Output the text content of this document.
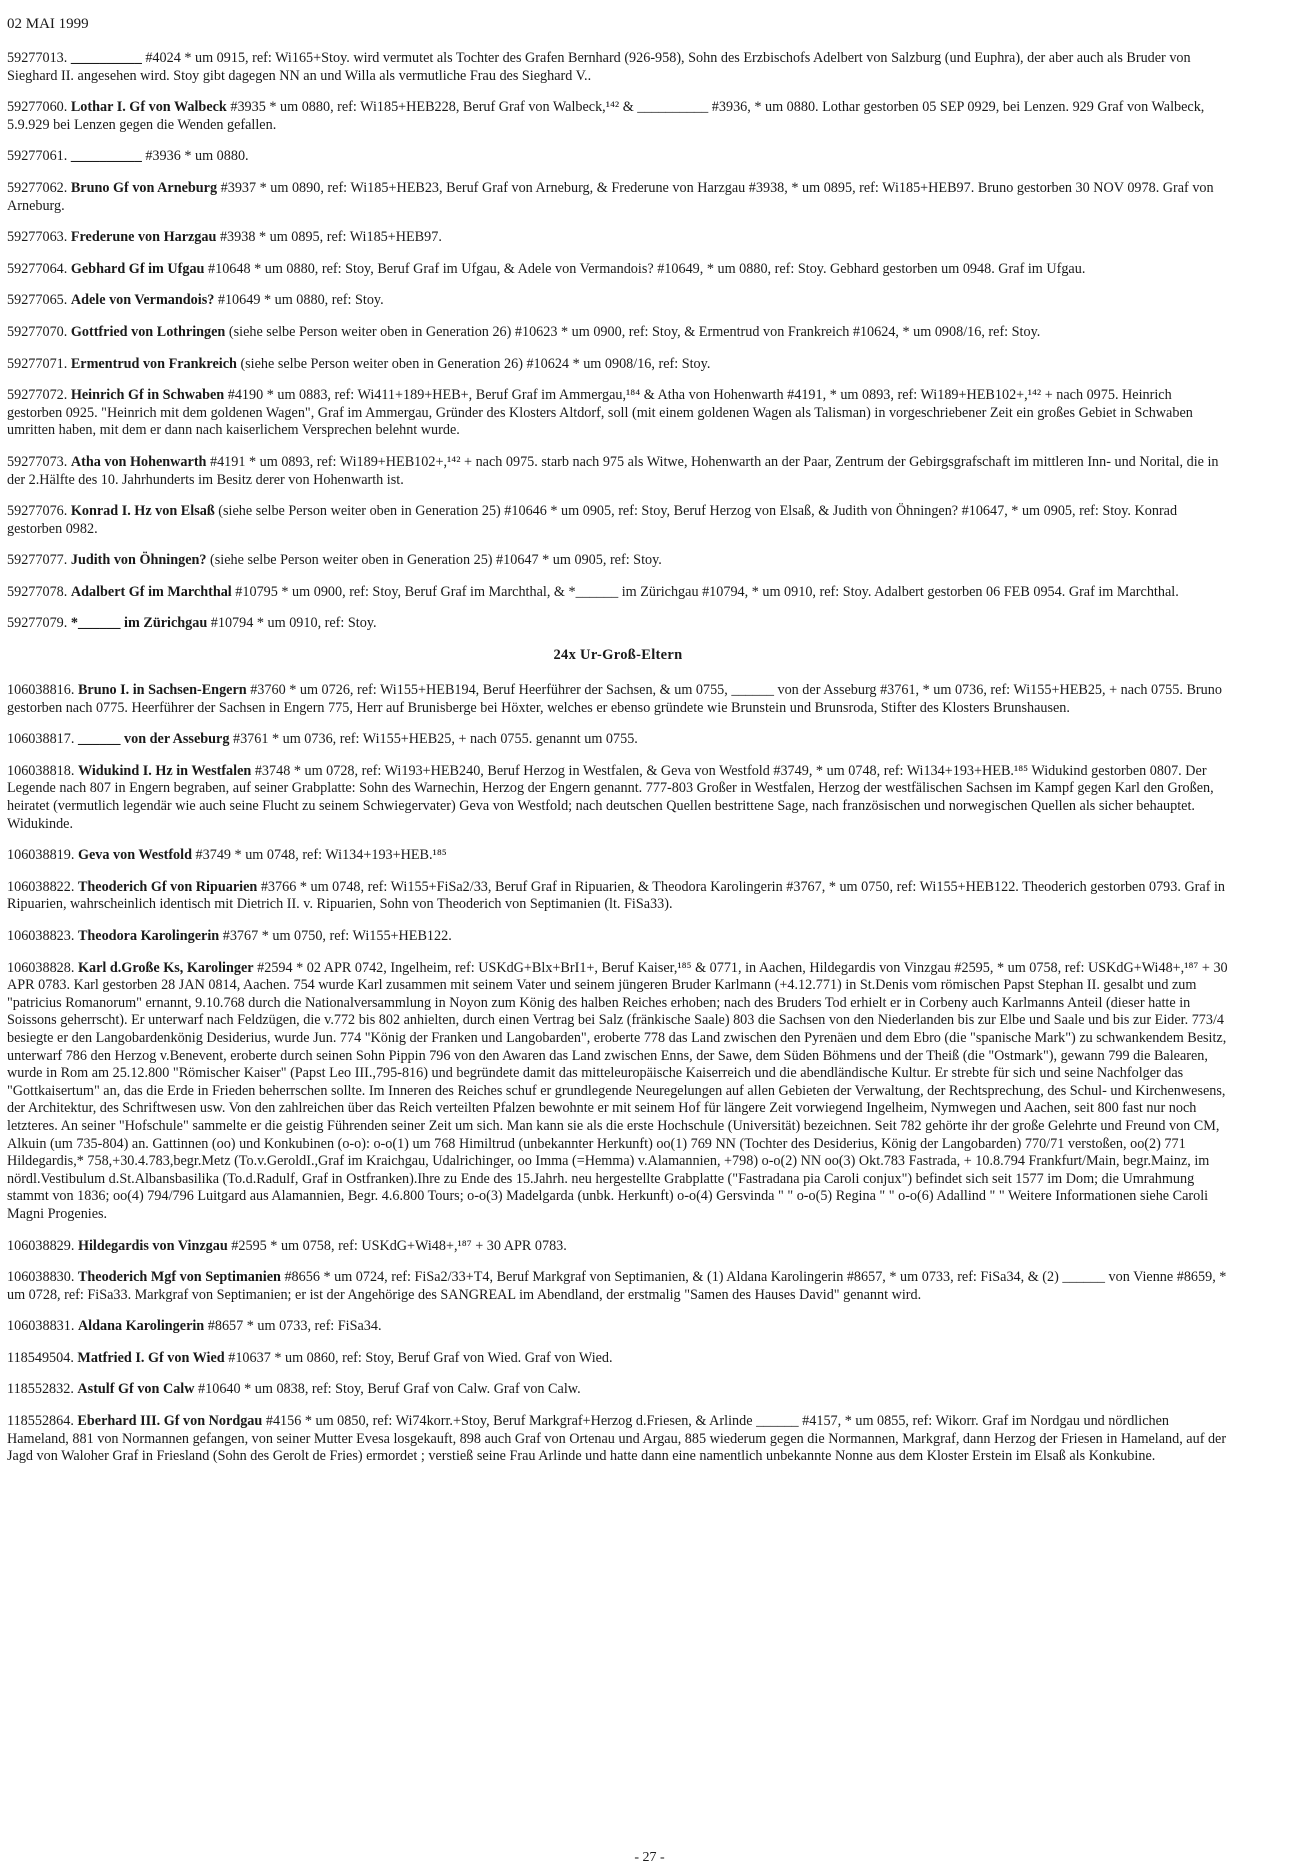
02 MAI 1999
59277013. __________ #4024 * um 0915, ref: Wi165+Stoy. wird vermutet als Tochter des Grafen Bernhard (926-958), Sohn des Erzbischofs Adelbert von Salzburg (und Euphra), der aber auch als Bruder von Sieghard II. angesehen wird. Stoy gibt dagegen NN an und Willa als vermutliche Frau des Sieghard V..
59277060. Lothar I. Gf von Walbeck #3935 * um 0880, ref: Wi185+HEB228, Beruf Graf von Walbeck,¹⁴² & __________ #3936, * um 0880. Lothar gestorben 05 SEP 0929, bei Lenzen. 929 Graf von Walbeck, 5.9.929 bei Lenzen gegen die Wenden gefallen.
59277061. __________ #3936 * um 0880.
59277062. Bruno Gf von Arneburg #3937 * um 0890, ref: Wi185+HEB23, Beruf Graf von Arneburg, & Frederune von Harzgau #3938, * um 0895, ref: Wi185+HEB97. Bruno gestorben 30 NOV 0978. Graf von Arneburg.
59277063. Frederune von Harzgau #3938 * um 0895, ref: Wi185+HEB97.
59277064. Gebhard Gf im Ufgau #10648 * um 0880, ref: Stoy, Beruf Graf im Ufgau, & Adele von Vermandois? #10649, * um 0880, ref: Stoy. Gebhard gestorben um 0948. Graf im Ufgau.
59277065. Adele von Vermandois? #10649 * um 0880, ref: Stoy.
59277070. Gottfried von Lothringen (siehe selbe Person weiter oben in Generation 26) #10623 * um 0900, ref: Stoy, & Ermentrud von Frankreich #10624, * um 0908/16, ref: Stoy.
59277071. Ermentrud von Frankreich (siehe selbe Person weiter oben in Generation 26) #10624 * um 0908/16, ref: Stoy.
59277072. Heinrich Gf in Schwaben #4190 * um 0883, ref: Wi411+189+HEB+, Beruf Graf im Ammergau,¹⁸⁴ & Atha von Hohenwarth #4191, * um 0893, ref: Wi189+HEB102+,¹⁴² + nach 0975. Heinrich gestorben 0925. "Heinrich mit dem goldenen Wagen", Graf im Ammergau, Gründer des Klosters Altdorf, soll (mit einem goldenen Wagen als Talisman) in vorgeschriebener Zeit ein großes Gebiet in Schwaben umritten haben, mit dem er dann nach kaiserlichem Versprechen belehnt wurde.
59277073. Atha von Hohenwarth #4191 * um 0893, ref: Wi189+HEB102+,¹⁴² + nach 0975. starb nach 975 als Witwe, Hohenwarth an der Paar, Zentrum der Gebirgsgrafschaft im mittleren Inn- und Norital, die in der 2.Hälfte des 10. Jahrhunderts im Besitz derer von Hohenwarth ist.
59277076. Konrad I. Hz von Elsaß (siehe selbe Person weiter oben in Generation 25) #10646 * um 0905, ref: Stoy, Beruf Herzog von Elsaß, & Judith von Öhningen? #10647, * um 0905, ref: Stoy. Konrad gestorben 0982.
59277077. Judith von Öhningen? (siehe selbe Person weiter oben in Generation 25) #10647 * um 0905, ref: Stoy.
59277078. Adalbert Gf im Marchthal #10795 * um 0900, ref: Stoy, Beruf Graf im Marchthal, & *______ im Zürichgau #10794, * um 0910, ref: Stoy. Adalbert gestorben 06 FEB 0954. Graf im Marchthal.
59277079. *______ im Zürichgau #10794 * um 0910, ref: Stoy.
24x Ur-Groß-Eltern
106038816. Bruno I. in Sachsen-Engern #3760 * um 0726, ref: Wi155+HEB194, Beruf Heerführer der Sachsen, & um 0755, ______ von der Asseburg #3761, * um 0736, ref: Wi155+HEB25, + nach 0755. Bruno gestorben nach 0775. Heerführer der Sachsen in Engern 775, Herr auf Brunisberge bei Höxter, welches er ebenso gründete wie Brunstein und Brunsroda, Stifter des Klosters Brunshausen.
106038817. ______ von der Asseburg #3761 * um 0736, ref: Wi155+HEB25, + nach 0755. genannt um 0755.
106038818. Widukind I. Hz in Westfalen #3748 * um 0728, ref: Wi193+HEB240, Beruf Herzog in Westfalen, & Geva von Westfold #3749, * um 0748, ref: Wi134+193+HEB.¹⁸⁵ Widukind gestorben 0807. Der Legende nach 807 in Engern begraben, auf seiner Grabplatte: Sohn des Warnechin, Herzog der Engern genannt. 777-803 Großer in Westfalen, Herzog der westfälischen Sachsen im Kampf gegen Karl den Großen, heiratet (vermutlich legendär wie auch seine Flucht zu seinem Schwiegervater) Geva von Westfold; nach deutschen Quellen bestrittene Sage, nach französischen und norwegischen Quellen als sicher behauptet. Widukinde.
106038819. Geva von Westfold #3749 * um 0748, ref: Wi134+193+HEB.¹⁸⁵
106038822. Theoderich Gf von Ripuarien #3766 * um 0748, ref: Wi155+FiSa2/33, Beruf Graf in Ripuarien, & Theodora Karolingerin #3767, * um 0750, ref: Wi155+HEB122. Theoderich gestorben 0793. Graf in Ripuarien, wahrscheinlich identisch mit Dietrich II. v. Ripuarien, Sohn von Theoderich von Septimanien (lt. FiSa33).
106038823. Theodora Karolingerin #3767 * um 0750, ref: Wi155+HEB122.
106038828. Karl d.Große Ks, Karolinger #2594 * 02 APR 0742, Ingelheim, ref: USKdG+Blx+BrI1+, Beruf Kaiser,¹⁸⁵ & 0771, in Aachen, Hildegardis von Vinzgau #2595, * um 0758, ref: USKdG+Wi48+,¹⁸⁷ + 30 APR 0783. Karl gestorben 28 JAN 0814, Aachen. 754 wurde Karl zusammen mit seinem Vater und seinem jüngeren Bruder Karlmann (+4.12.771) in St.Denis vom römischen Papst Stephan II. gesalbt und zum "patricius Romanorum" ernannt, 9.10.768 durch die Nationalversammlung in Noyon zum König des halben Reiches erhoben; nach des Bruders Tod erhielt er in Corbeny auch Karlmanns Anteil (dieser hatte in Soissons geherrscht). Er unterwarf nach Feldzügen, die v.772 bis 802 anhielten, durch einen Vertrag bei Salz (fränkische Saale) 803 die Sachsen von den Niederlanden bis zur Elbe und Saale und bis zur Eider. 773/4 besiegte er den Langobardenkönig Desiderius, wurde Jun. 774 "König der Franken und Langobarden", eroberte 778 das Land zwischen den Pyrenäen und dem Ebro (die "spanische Mark") zu schwankendem Besitz, unterwarf 786 den Herzog v.Benevent, eroberte durch seinen Sohn Pippin 796 von den Awaren das Land zwischen Enns, der Sawe, dem Süden Böhmens und der Theiß (die "Ostmark"), gewann 799 die Balearen, wurde in Rom am 25.12.800 "Römischer Kaiser" (Papst Leo III.,795-816) und begründete damit das mitteleuropäische Kaiserreich und die abendländische Kultur. Er strebte für sich und seine Nachfolger das "Gottkaisertum" an, das die Erde in Frieden beherrschen sollte. Im Inneren des Reiches schuf er grundlegende Neuregelungen auf allen Gebieten der Verwaltung, der Rechtsprechung, des Schul- und Kirchenwesens, der Architektur, des Schriftwesen usw. Von den zahlreichen über das Reich verteilten Pfalzen bewohnte er mit seinem Hof für längere Zeit vorwiegend Ingelheim, Nymwegen und Aachen, seit 800 fast nur noch letzteres. An seiner "Hofschule" sammelte er die geistig Führenden seiner Zeit um sich. Man kann sie als die erste Hochschule (Universität) bezeichnen. Seit 782 gehörte ihr der große Gelehrte und Freund von CM, Alkuin (um 735-804) an. Gattinnen (oo) und Konkubinen (o-o): o-o(1) um 768 Himiltrud (unbekannter Herkunft) oo(1) 769 NN (Tochter des Desiderius, König der Langobarden) 770/71 verstoßen, oo(2) 771 Hildegardis,* 758,+30.4.783,begr.Metz (To.v.GeroldI.,Graf im Kraichgau, Udalrichinger, oo Imma (=Hemma) v.Alamannien, +798) o-o(2) NN oo(3) Okt.783 Fastrada, + 10.8.794 Frankfurt/Main, begr.Mainz, im nördl.Vestibulum d.St.Albansbasilika (To.d.Radulf, Graf in Ostfranken).Ihre zu Ende des 15.Jahrh. neu hergestellte Grabplatte ("Fastradana pia Caroli conjux") befindet sich seit 1577 im Dom; die Umrahmung stammt von 1836; oo(4) 794/796 Luitgard aus Alamannien, Begr. 4.6.800 Tours; o-o(3) Madelgarda (unbk. Herkunft) o-o(4) Gersvinda " " o-o(5) Regina " " o-o(6) Adallind " " Weitere Informationen siehe Caroli Magni Progenies.
106038829. Hildegardis von Vinzgau #2595 * um 0758, ref: USKdG+Wi48+,¹⁸⁷ + 30 APR 0783.
106038830. Theoderich Mgf von Septimanien #8656 * um 0724, ref: FiSa2/33+T4, Beruf Markgraf von Septimanien, & (1) Aldana Karolingerin #8657, * um 0733, ref: FiSa34, & (2) ______ von Vienne #8659, * um 0728, ref: FiSa33. Markgraf von Septimanien; er ist der Angehörige des SANGREAL im Abendland, der erstmalig "Samen des Hauses David" genannt wird.
106038831. Aldana Karolingerin #8657 * um 0733, ref: FiSa34.
118549504. Matfried I. Gf von Wied #10637 * um 0860, ref: Stoy, Beruf Graf von Wied. Graf von Wied.
118552832. Astulf Gf von Calw #10640 * um 0838, ref: Stoy, Beruf Graf von Calw. Graf von Calw.
118552864. Eberhard III. Gf von Nordgau #4156 * um 0850, ref: Wi74korr.+Stoy, Beruf Markgraf+Herzog d.Friesen, & Arlinde ______ #4157, * um 0855, ref: Wikorr. Graf im Nordgau und nördlichen Hameland, 881 von Normannen gefangen, von seiner Mutter Evesa losgekauft, 898 auch Graf von Ortenau und Argau, 885 wiederum gegen die Normannen, Markgraf, dann Herzog der Friesen in Hameland, auf der Jagd von Waloher Graf in Friesland (Sohn des Gerolt de Fries) ermordet ; verstieß seine Frau Arlinde und hatte dann eine namentlich unbekannte Nonne aus dem Kloster Erstein im Elsaß als Konkubine.
- 27 -
